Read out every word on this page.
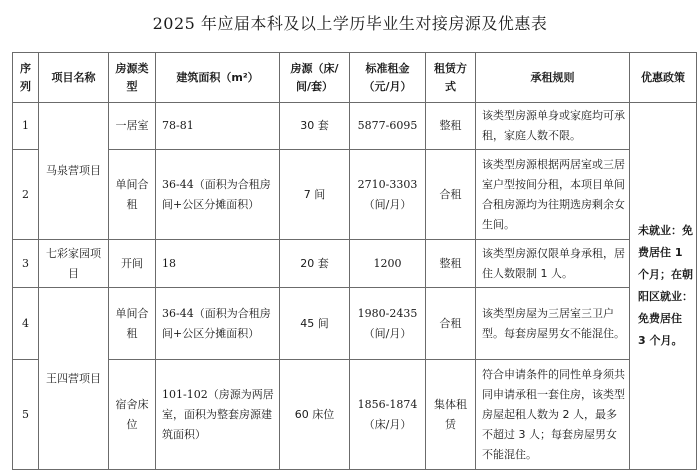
2025 年应届本科及以上学历毕业生对接房源及优惠表
序列	项目名称	房源类型	建筑面积（m²）	房源（床/间/套）	标准租金（元/月）	租赁方式	承租规则	优惠政策
1	马泉营项目	一居室	78-81	30 套	5877-6095	整租	该类型房源单身或家庭均可承租，家庭人数不限。	未就业：免费居住 1 个月；在朝阳区就业：免费居住 3 个月。
2		单间合租	36-44（面积为合租房间+公区分摊面积）	7 间	2710-3303（间/月）	合租	该类型房源根据两居室或三居室户型按间分租，本项目单间合租房源均为往期选房剩余女生间。	
3	七彩家园项目	开间	18	20 套	1200	整租	该类型房源仅限单身承租，居住人数限制 1 人。	
4	王四营项目	单间合租	36-44（面积为合租房间+公区分摊面积）	45 间	1980-2435（间/月）	合租	该类型房屋为三居室三卫户型。每套房屋男女不能混住。	
5		宿舍床位	101-102（房源为两居室，面积为整套房源建筑面积）	60 床位	1856-1874（床/月）	集体租赁	符合申请条件的同性单身须共同申请承租一套住房，该类型房屋起租人数为 2 人，最多不超过 3 人；每套房屋男女不能混住。	
